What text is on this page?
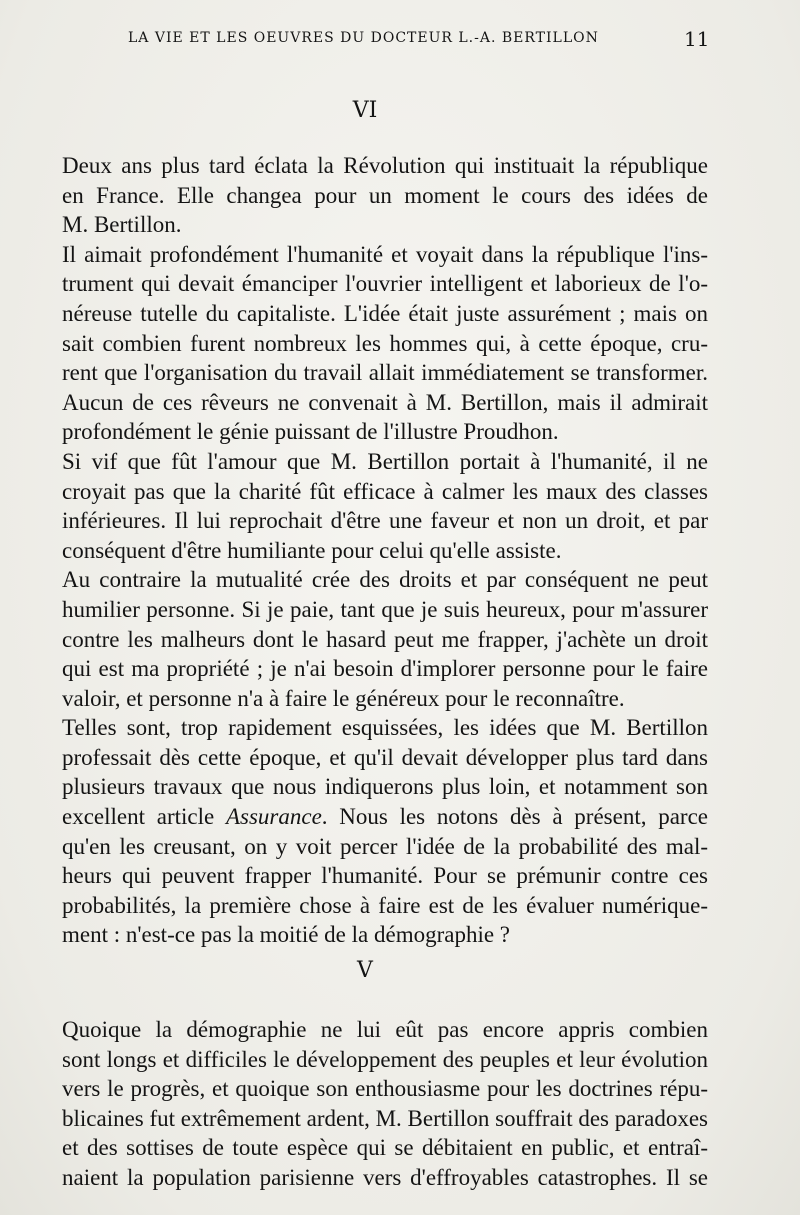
LA VIE ET LES OEUVRES DU DOCTEUR L.-A. BERTILLON	11
VI
Deux ans plus tard éclata la Révolution qui instituait la république
en France. Elle changea pour un moment le cours des idées de
M. Bertillon.
Il aimait profondément l'humanité et voyait dans la république l'ins-
trument qui devait émanciper l'ouvrier intelligent et laborieux de l'o-
néreuse tutelle du capitaliste. L'idée était juste assurément ; mais on
sait combien furent nombreux les hommes qui, à cette époque, cru-
rent que l'organisation du travail allait immédiatement se transformer.
Aucun de ces rêveurs ne convenait à M. Bertillon, mais il admirait
profondément le génie puissant de l'illustre Proudhon.
Si vif que fût l'amour que M. Bertillon portait à l'humanité, il ne
croyait pas que la charité fût efficace à calmer les maux des classes
inférieures. Il lui reprochait d'être une faveur et non un droit, et par
conséquent d'être humiliante pour celui qu'elle assiste.
Au contraire la mutualité crée des droits et par conséquent ne peut
humilier personne. Si je paie, tant que je suis heureux, pour m'assurer
contre les malheurs dont le hasard peut me frapper, j'achète un droit
qui est ma propriété ; je n'ai besoin d'implorer personne pour le faire
valoir, et personne n'a à faire le généreux pour le reconnaître.
Telles sont, trop rapidement esquissées, les idées que M. Bertillon
professait dès cette époque, et qu'il devait développer plus tard dans
plusieurs travaux que nous indiquerons plus loin, et notamment son
excellent article Assurance. Nous les notons dès à présent, parce
qu'en les creusant, on y voit percer l'idée de la probabilité des mal-
heurs qui peuvent frapper l'humanité. Pour se prémunir contre ces
probabilités, la première chose à faire est de les évaluer numérique-
ment : n'est-ce pas la moitié de la démographie ?
V
Quoique la démographie ne lui eût pas encore appris combien
sont longs et difficiles le développement des peuples et leur évolution
vers le progrès, et quoique son enthousiasme pour les doctrines répu-
blicaines fut extrêmement ardent, M. Bertillon souffrait des paradoxes
et des sottises de toute espèce qui se débitaient en public, et entraî-
naient la population parisienne vers d'effroyables catastrophes. Il se
